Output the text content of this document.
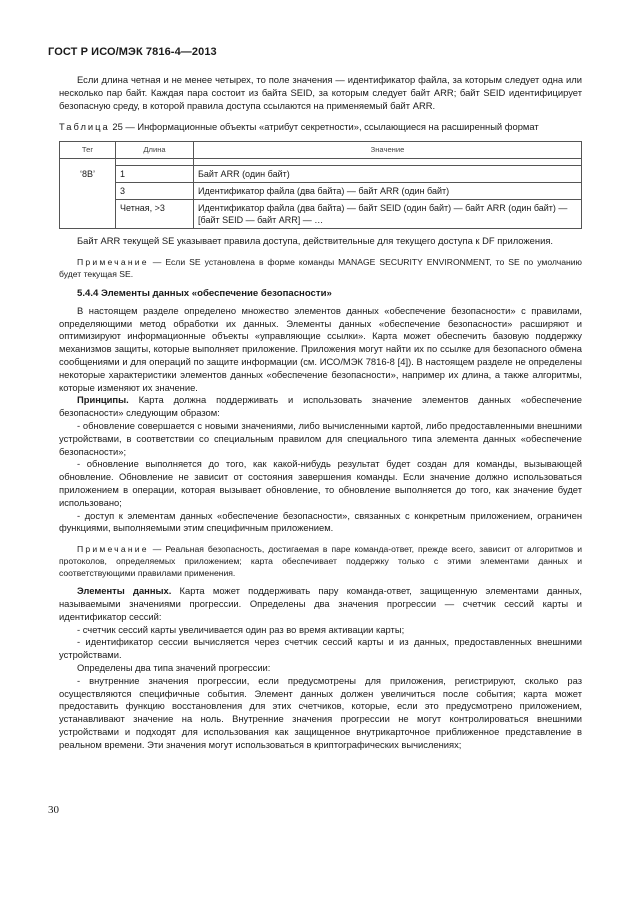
ГОСТ Р ИСО/МЭК 7816-4—2013

Если длина четная и не менее четырех, то поле значения — идентификатор файла, за которым следует одна или несколько пар байт. Каждая пара состоит из байта SEID, за которым следует байт ARR; байт SEID идентифицирует безопасную среду, в которой правила доступа ссылаются на применяемый байт ARR.

Таблица 25 — Информационные объекты «атрибут секретности», ссылающиеся на расширенный формат

Тег	Длина	Значение

‘8B’	1	Байт ARR (один байт)
	3	Идентификатор файла (два байта) — байт ARR (один байт)
	Четная, >3	Идентификатор файла (два байта) — байт SEID (один байт) — байт ARR (один байт) — [байт SEID — байт ARR] — …

Байт ARR текущей SE указывает правила доступа, действительные для текущего доступа к DF приложения.

Примечание — Если SE установлена в форме команды MANAGE SECURITY ENVIRONMENT, то SE по умолчанию будет текущая SE.

5.4.4 Элементы данных «обеспечение безопасности»

В настоящем разделе определено множество элементов данных «обеспечение безопасности» с правилами, определяющими метод обработки их данных. Элементы данных «обеспечение безопасности» расширяют и оптимизируют информационные объекты «управляющие ссылки». Карта может обеспечить базовую поддержку механизмов защиты, которые выполняет приложение. Приложения могут найти их по ссылке для безопасного обмена сообщениями и для операций по защите информации (см. ИСО/МЭК 7816-8 [4]). В настоящем разделе не определены некоторые характеристики элементов данных «обеспечение безопасности», например их длина, а также алгоритмы, которые изменяют их значение.

Принципы. Карта должна поддерживать и использовать значение элементов данных «обеспечение безопасности» следующим образом:

- обновление совершается с новыми значениями, либо вычисленными картой, либо предоставленными внешними устройствами, в соответствии со специальным правилом для специального типа элемента данных «обеспечение безопасности»;

- обновление выполняется до того, как какой-нибудь результат будет создан для команды, вызывающей обновление. Обновление не зависит от состояния завершения команды. Если значение должно использоваться приложением в операции, которая вызывает обновление, то обновление выполняется до того, как значение будет использовано;

- доступ к элементам данных «обеспечение безопасности», связанных с конкретным приложением, ограничен функциями, выполняемыми этим специфичным приложением.

Примечание — Реальная безопасность, достигаемая в паре команда-ответ, прежде всего, зависит от алгоритмов и протоколов, определяемых приложением; карта обеспечивает поддержку только с этими элементами данных и соответствующими правилами применения.

Элементы данных. Карта может поддерживать пару команда-ответ, защищенную элементами данных, называемыми значениями прогрессии. Определены два значения прогрессии — счетчик сессий карты и идентификатор сессий:

- счетчик сессий карты увеличивается один раз во время активации карты;

- идентификатор сессии вычисляется через счетчик сессий карты и из данных, предоставленных внешними устройствами.

Определены два типа значений прогрессии:

- внутренние значения прогрессии, если предусмотрены для приложения, регистрируют, сколько раз осуществляются специфичные события. Элемент данных должен увеличиться после события; карта может предоставить функцию восстановления для этих счетчиков, которые, если это предусмотрено приложением, устанавливают значение на ноль. Внутренние значения прогрессии не могут контролироваться внешними устройствами и подходят для использования как защищенное внутрикарточное приближенное представление в реальном времени. Эти значения могут использоваться в криптографических вычислениях;

30
